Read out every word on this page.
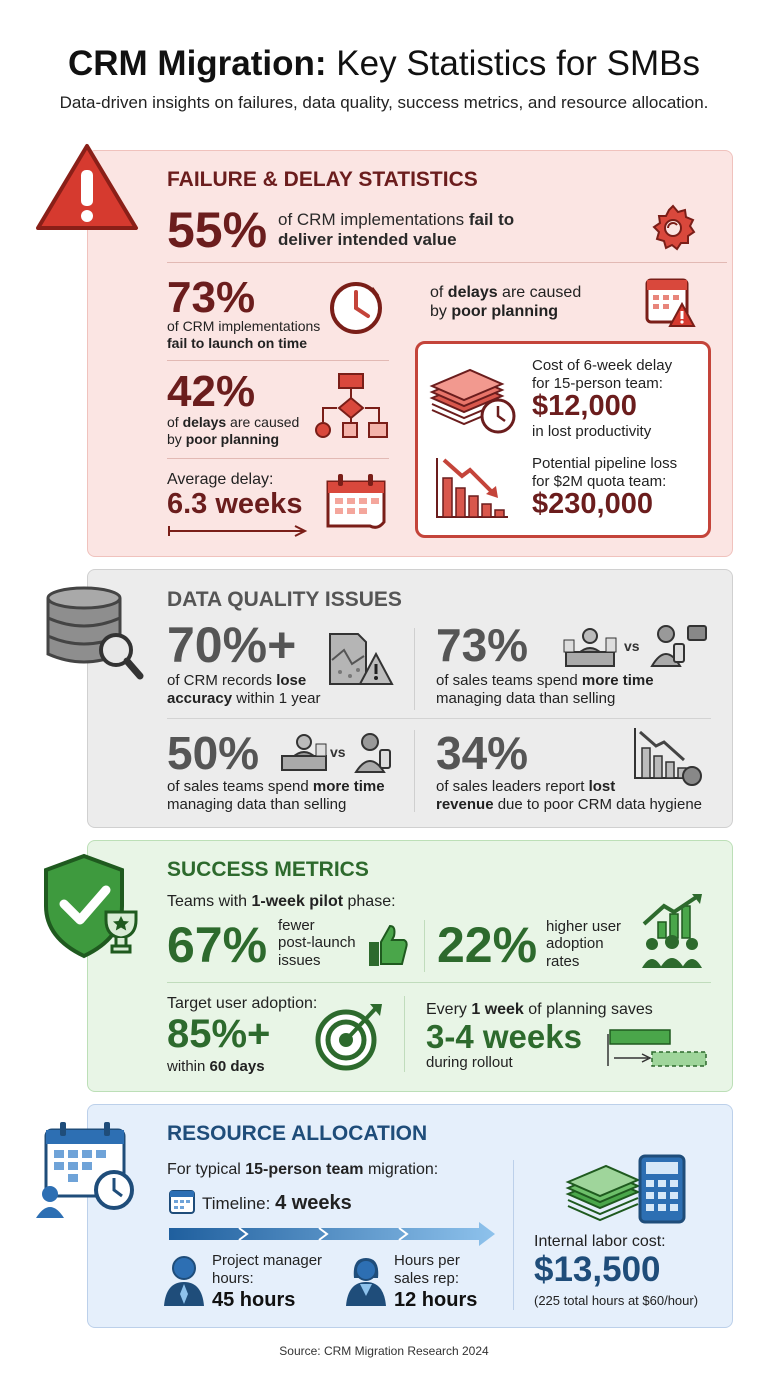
CRM Migration: Key Statistics for SMBs
Data-driven insights on failures, data quality, success metrics, and resource allocation.
FAILURE & DELAY STATISTICS
55% of CRM implementations fail to deliver intended value
73%
of CRM implementations
fail to launch on time
of delays are caused
by poor planning
42%
of delays are caused
by poor planning
Average delay:
6.3 weeks
Cost of 6-week delay
for 15-person team:
$12,000
in lost productivity
Potential pipeline loss
for $2M quota team:
$230,000
DATA QUALITY ISSUES
70%+
of CRM records lose
accuracy within 1 year
73%
of sales teams spend more time
managing data than selling
vs
50%
of sales teams spend more time
managing data than selling
vs 34%
of sales leaders report lost
revenue due to poor CRM data hygiene
SUCCESS METRICS
Teams with 1-week pilot phase:
67% fewer
post-launch
issues	22% higher user
adoption
rates
Target user adoption:
85%+
within 60 days
Every 1 week of planning saves
3-4 weeks
during rollout
RESOURCE ALLOCATION
For typical 15-person team migration:
Timeline: 4 weeks
Project manager
hours:
45 hours
Hours per
sales rep:
12 hours
Internal labor cost:
$13,500
(225 total hours at $60/hour)
Source: CRM Migration Research 2024
